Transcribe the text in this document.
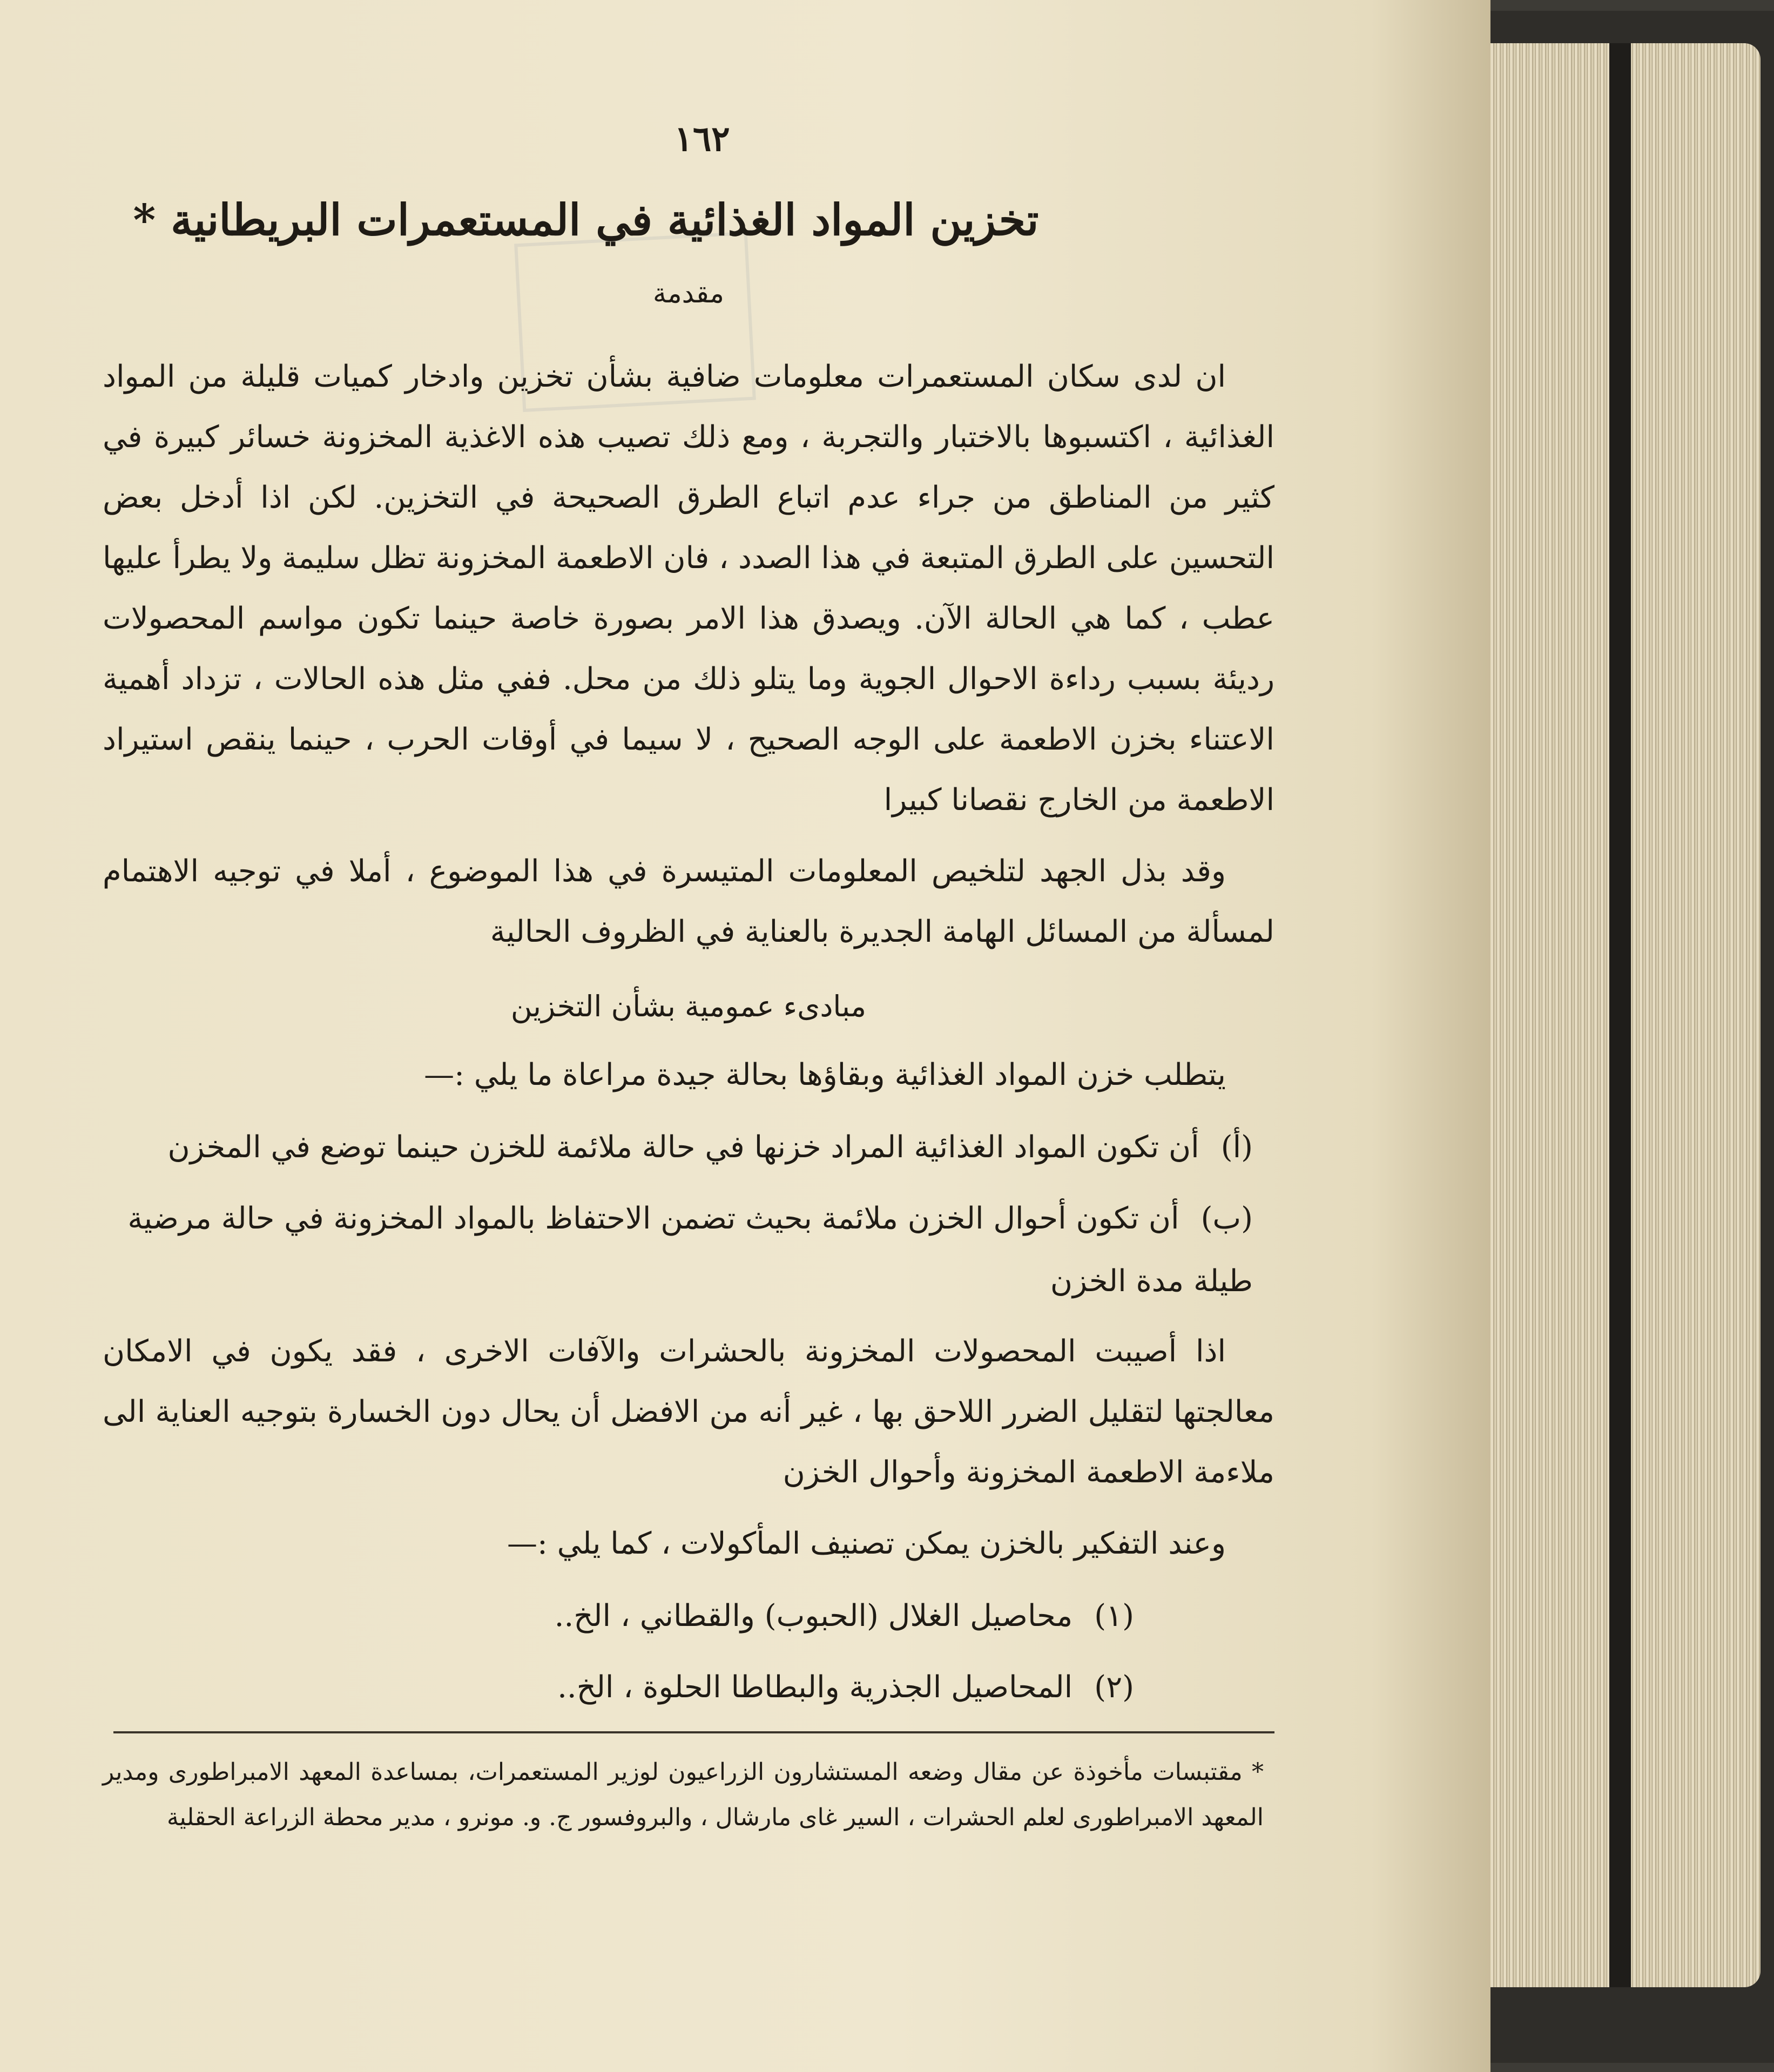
١٦٢
تخزين المواد الغذائية في المستعمرات البريطانية *
مقدمة

ان لدى سكان المستعمرات معلومات ضافية بشأن تخزين وادخار كميات قليلة من المواد الغذائية ، اكتسبوها بالاختبار والتجربة ، ومع ذلك تصيب هذه الاغذية المخزونة خسائر كبيرة في كثير من المناطق من جراء عدم اتباع الطرق الصحيحة في التخزين. لكن اذا أدخل بعض التحسين على الطرق المتبعة في هذا الصدد ، فان الاطعمة المخزونة تظل سليمة ولا يطرأ عليها عطب ، كما هي الحالة الآن. ويصدق هذا الامر بصورة خاصة حينما تكون مواسم المحصولات رديئة بسبب رداءة الاحوال الجوية وما يتلو ذلك من محل. ففي مثل هذه الحالات ، تزداد أهمية الاعتناء بخزن الاطعمة على الوجه الصحيح ، لا سيما في أوقات الحرب ، حينما ينقص استيراد الاطعمة من الخارج نقصانا كبيرا

وقد بذل الجهد لتلخيص المعلومات المتيسرة في هذا الموضوع ، أملا في توجيه الاهتمام لمسألة من المسائل الهامة الجديرة بالعناية في الظروف الحالية

مبادىء عمومية بشأن التخزين

يتطلب خزن المواد الغذائية وبقاؤها بحالة جيدة مراعاة ما يلي :—

(أ)أن تكون المواد الغذائية المراد خزنها في حالة ملائمة للخزن حينما توضع في المخزن

(ب)أن تكون أحوال الخزن ملائمة بحيث تضمن الاحتفاظ بالمواد المخزونة في حالة مرضية طيلة مدة الخزن

اذا أصيبت المحصولات المخزونة بالحشرات والآفات الاخرى ، فقد يكون في الامكان معالجتها لتقليل الضرر اللاحق بها ، غير أنه من الافضل أن يحال دون الخسارة بتوجيه العناية الى ملاءمة الاطعمة المخزونة وأحوال الخزن

وعند التفكير بالخزن يمكن تصنيف المأكولات ، كما يلي :—

(١)محاصيل الغلال (الحبوب) والقطاني ، الخ..

(٢)المحاصيل الجذرية والبطاطا الحلوة ، الخ..

* مقتبسات مأخوذة عن مقال وضعه المستشارون الزراعيون لوزير المستعمرات، بمساعدة المعهد الامبراطورى ومدير المعهد الامبراطورى لعلم الحشرات ، السير غاى مارشال ، والبروفسور ج. و. مونرو ، مدير محطة الزراعة الحقلية
